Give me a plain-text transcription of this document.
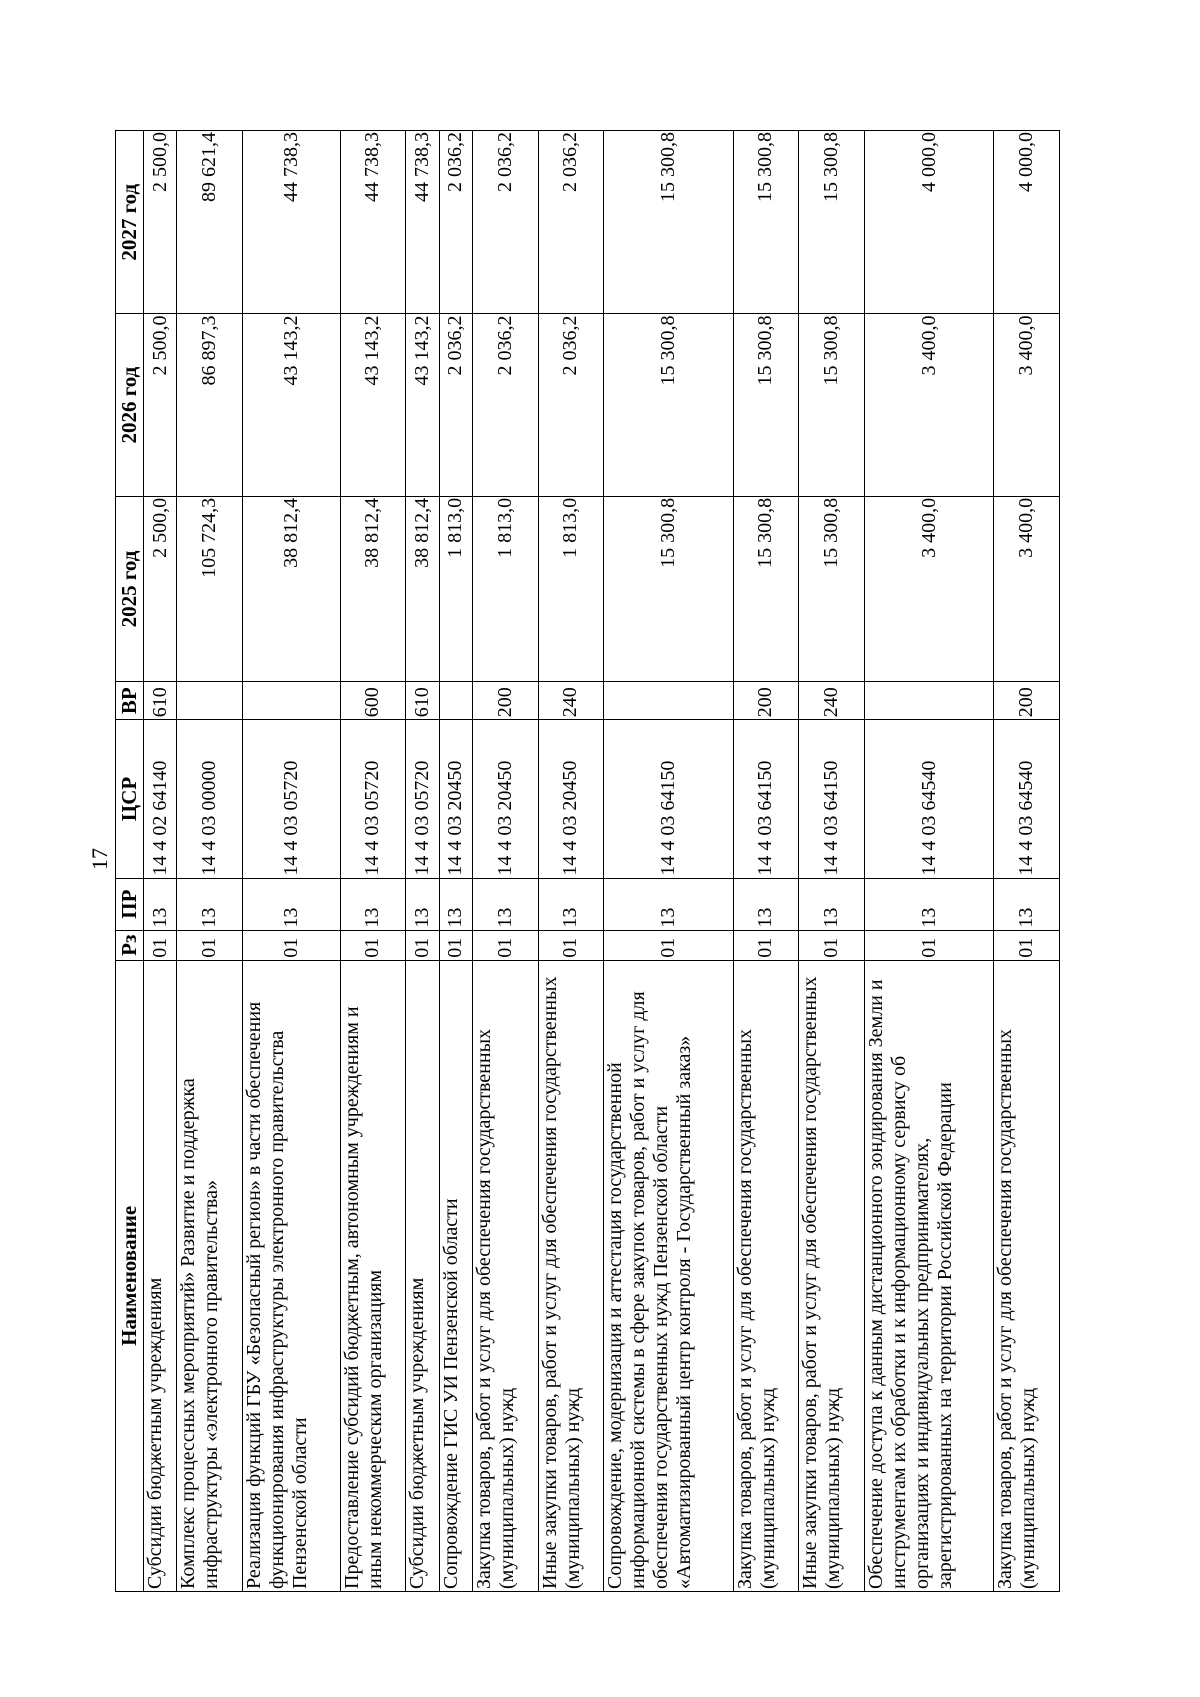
17
Наименование	Рз	ПР	ЦСР	ВР	2025 год	2026 год	2027 год
Субсидии бюджетным учреждениям	01	13	14 4 02 64140	610	2 500,0	2 500,0	2 500,0
Комплекс процессных мероприятий» Развитие и поддержка инфраструктуры «электронного правительства»	01	13	14 4 03 00000		105 724,3	86 897,3	89 621,4
Реализация функций ГБУ «Безопасный регион» в части обеспечения функционирования инфраструктуры электронного правительства Пензенской области	01	13	14 4 03 05720		38 812,4	43 143,2	44 738,3
Предоставление субсидий бюджетным, автономным учреждениям и иным некоммерческим организациям	01	13	14 4 03 05720	600	38 812,4	43 143,2	44 738,3
Субсидии бюджетным учреждениям	01	13	14 4 03 05720	610	38 812,4	43 143,2	44 738,3
Сопровождение ГИС УИ Пензенской области	01	13	14 4 03 20450		1 813,0	2 036,2	2 036,2
Закупка товаров, работ и услуг для обеспечения государственных (муниципальных) нужд	01	13	14 4 03 20450	200	1 813,0	2 036,2	2 036,2
Иные закупки товаров, работ и услуг для обеспечения государственных (муниципальных) нужд	01	13	14 4 03 20450	240	1 813,0	2 036,2	2 036,2
Сопровождение, модернизация и аттестация государственной информационной системы в сфере закупок товаров, работ и услуг для обеспечения государственных нужд Пензенской области «Автоматизированный центр контроля - Государственный заказ»	01	13	14 4 03 64150		15 300,8	15 300,8	15 300,8
Закупка товаров, работ и услуг для обеспечения государственных (муниципальных) нужд	01	13	14 4 03 64150	200	15 300,8	15 300,8	15 300,8
Иные закупки товаров, работ и услуг для обеспечения государственных (муниципальных) нужд	01	13	14 4 03 64150	240	15 300,8	15 300,8	15 300,8
Обеспечение доступа к данным дистанционного зондирования Земли и инструментам их обработки и к информационному сервису об организациях и индивидуальных предпринимателях, зарегистрированных на территории Российской Федерации	01	13	14 4 03 64540		3 400,0	3 400,0	4 000,0
Закупка товаров, работ и услуг для обеспечения государственных (муниципальных) нужд	01	13	14 4 03 64540	200	3 400,0	3 400,0	4 000,0
